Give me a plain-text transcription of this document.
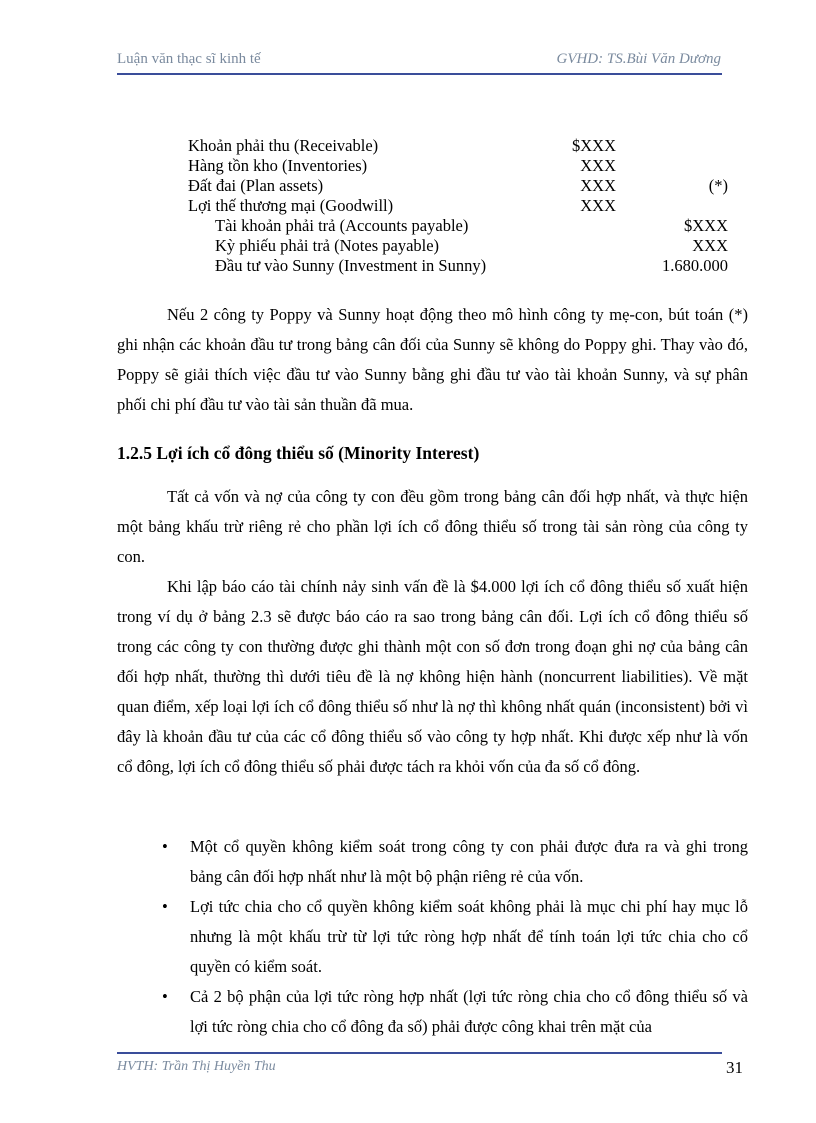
Luận văn thạc sĩ kinh tế	GVHD: TS.Bùi Văn Dương
Khoản phải thu (Receivable)	$XXX
Hàng tồn kho (Inventories)	XXX
Đất đai (Plan assets)	XXX	(*)
Lợi thế thương mại (Goodwill)	XXX
Tài khoản phải trả (Accounts payable)	$XXX
Kỳ phiếu phải trả (Notes payable)	XXX
Đầu tư vào Sunny (Investment in Sunny)	1.680.000

Nếu 2 công ty Poppy và Sunny hoạt động theo mô hình công ty mẹ-con, bút toán (*) ghi nhận các khoản đầu tư trong bảng cân đối của Sunny sẽ không do Poppy ghi. Thay vào đó, Poppy sẽ giải thích việc đầu tư vào Sunny bằng ghi đầu tư vào tài khoản Sunny, và sự phân phối chi phí đầu tư vào tài sản thuần đã mua.

1.2.5 Lợi ích cổ đông thiểu số (Minority Interest)

Tất cả vốn và nợ của công ty con đều gồm trong bảng cân đối hợp nhất, và thực hiện một bảng khấu trừ riêng rẻ cho phần lợi ích cổ đông thiểu số trong tài sản ròng của công ty con.

Khi lập báo cáo tài chính nảy sinh vấn đề là $4.000 lợi ích cổ đông thiểu số xuất hiện trong ví dụ ở bảng 2.3 sẽ được báo cáo ra sao trong bảng cân đối. Lợi ích cổ đông thiểu số trong các công ty con thường được ghi thành một con số đơn trong đoạn ghi nợ của bảng cân đối hợp nhất, thường thì dưới tiêu đề là nợ không hiện hành (noncurrent liabilities). Về mặt quan điểm, xếp loại lợi ích cổ đông thiểu số như là nợ thì không nhất quán (inconsistent) bởi vì đây là khoản đầu tư của các cổ đông thiểu số vào công ty hợp nhất. Khi được xếp như là vốn cổ đông, lợi ích cổ đông thiểu số phải được tách ra khỏi vốn của đa số cổ đông.

• Một cổ quyền không kiểm soát trong công ty con phải được đưa ra và ghi trong bảng cân đối hợp nhất như là một bộ phận riêng rẻ của vốn.
• Lợi tức chia cho cổ quyền không kiểm soát không phải là mục chi phí hay mục lỗ nhưng là một khấu trừ từ lợi tức ròng hợp nhất để tính toán lợi tức chia cho cổ quyền có kiểm soát.
• Cả 2 bộ phận của lợi tức ròng hợp nhất (lợi tức ròng chia cho cổ đông thiểu số và lợi tức ròng chia cho cổ đông đa số) phải được công khai trên mặt của
HVTH: Trần Thị Huyền Thu	31
